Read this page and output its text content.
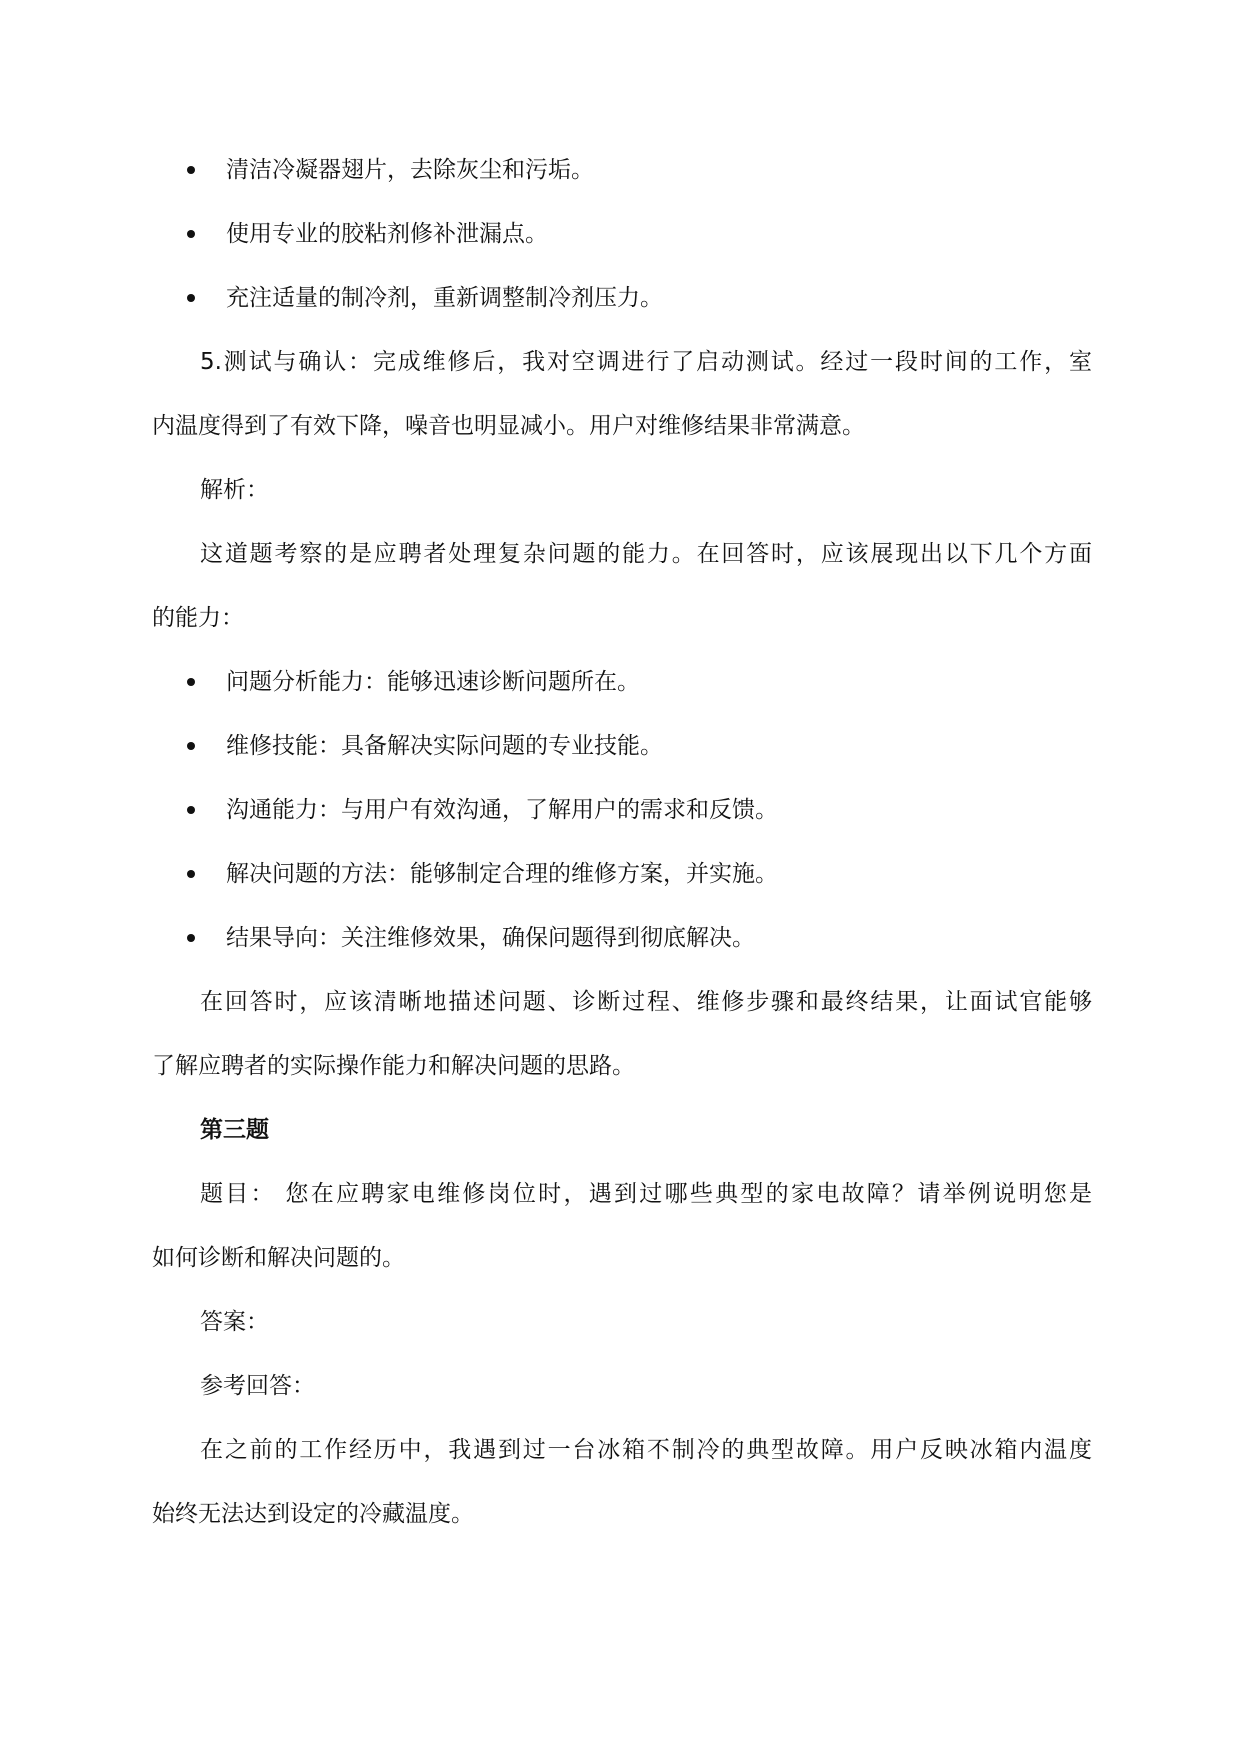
清洁冷凝器翅片，去除灰尘和污垢。
使用专业的胶粘剂修补泄漏点。
充注适量的制冷剂，重新调整制冷剂压力。
5.测试与确认：完成维修后，我对空调进行了启动测试。经过一段时间的工作，室
内温度得到了有效下降，噪音也明显减小。用户对维修结果非常满意。
解析：
这道题考察的是应聘者处理复杂问题的能力。在回答时，应该展现出以下几个方面
的能力：
问题分析能力：能够迅速诊断问题所在。
维修技能：具备解决实际问题的专业技能。
沟通能力：与用户有效沟通，了解用户的需求和反馈。
解决问题的方法：能够制定合理的维修方案，并实施。
结果导向：关注维修效果，确保问题得到彻底解决。
在回答时，应该清晰地描述问题、诊断过程、维修步骤和最终结果，让面试官能够
了解应聘者的实际操作能力和解决问题的思路。
第三题
题目： 您在应聘家电维修岗位时，遇到过哪些典型的家电故障？请举例说明您是
如何诊断和解决问题的。
答案：
参考回答：
在之前的工作经历中，我遇到过一台冰箱不制冷的典型故障。用户反映冰箱内温度
始终无法达到设定的冷藏温度。
